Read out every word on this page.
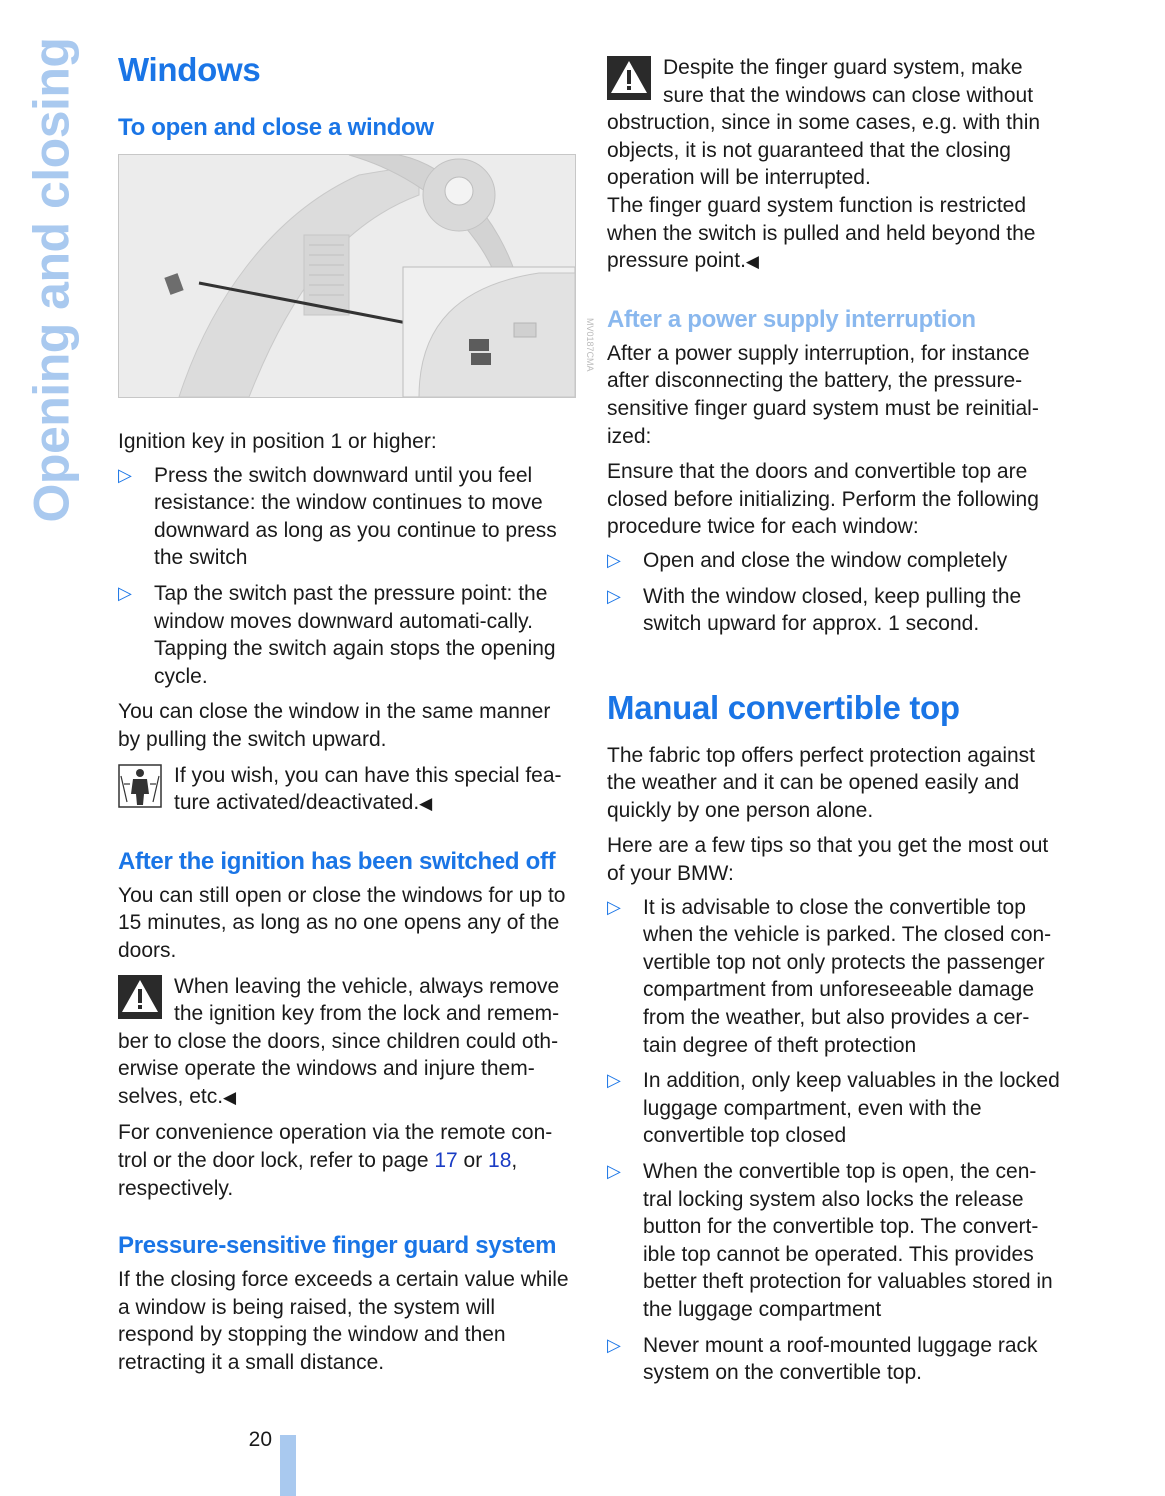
Opening and closing Windows
To open and close a window

Ignition key in position 1 or higher:

▷ Press the switch downward until you feel resistance: the window continues to move downward as long as you continue to press the switch
▷ Tap the switch past the pressure point: the window moves downward automati-cally. Tapping the switch again stops the opening cycle.

You can close the window in the same manner by pulling the switch upward.

If you wish, you can have this special fea-ture activated/deactivated.◀

After the ignition has been switched off

You can still open or close the windows for up to 15 minutes, as long as no one opens any of the doors.

When leaving the vehicle, always remove the ignition key from the lock and remem-ber to close the doors, since children could oth-erwise operate the windows and injure them-selves, etc.◀

For convenience operation via the remote con-trol or the door lock, refer to page 17 or 18, respectively.

Pressure-sensitive finger guard system

If the closing force exceeds a certain value while a window is being raised, the system will respond by stopping the window and then retracting it a small distance.

MV0187CMA

Despite the finger guard system, make sure that the windows can close without obstruction, since in some cases, e.g. with thin objects, it is not guaranteed that the closing operation will be interrupted.

The finger guard system function is restricted when the switch is pulled and held beyond the pressure point.◀

After a power supply interruption

After a power supply interruption, for instance after disconnecting the battery, the pressure-sensitive finger guard system must be reinitial-ized:

Ensure that the doors and convertible top are closed before initializing. Perform the following procedure twice for each window:

▷ Open and close the window completely
▷ With the window closed, keep pulling the switch upward for approx. 1 second.
Manual convertible top

The fabric top offers perfect protection against the weather and it can be opened easily and quickly by one person alone.

Here are a few tips so that you get the most out of your BMW:

▷ It is advisable to close the convertible top when the vehicle is parked. The closed con-vertible top not only protects the passenger compartment from unforeseeable damage from the weather, but also provides a cer-tain degree of theft protection
▷ In addition, only keep valuables in the locked luggage compartment, even with the convertible top closed
▷ When the convertible top is open, the cen-tral locking system also locks the release button for the convertible top. The convert-ible top cannot be operated. This provides better theft protection for valuables stored in the luggage compartment
▷ Never mount a roof-mounted luggage rack system on the convertible top.
20
